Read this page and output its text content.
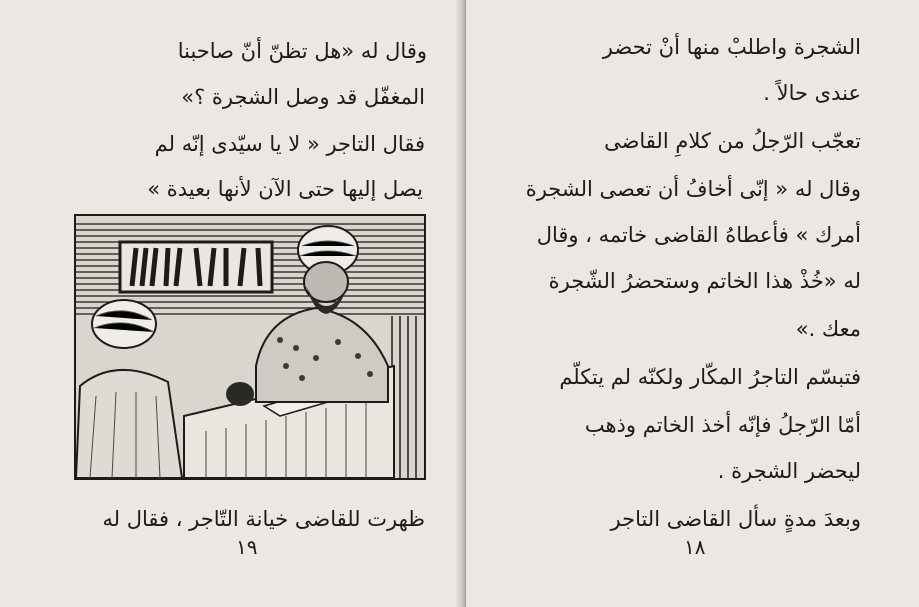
وقال له «هل تظنّ أنّ صاحبنا
المغفّل قد وصل الشجرة ؟»
فقال التاجر « لا يا سيّدى إنّه لم
يصل إليها حتى الآن لأنها بعيدة »
ظهرت للقاضى خيانة التّاجر ، فقال له
١٩
الشجرة واطلبْ منها أنْ تحضر
عندى حالاً .
تعجّب الرّجلُ من كلامِ القاضى
وقال له « إنّى أخافُ أن تعصى الشجرة
أمرك » فأعطاهُ القاضى خاتمه ، وقال
له «خُذْ هذا الخاتم وستحضرُ الشّجرة
معك .»
فتبسّم التاجرُ المكّار ولكنّه لم يتكلّم
أمّا الرّجلُ فإنّه أخذ الخاتم وذهب
ليحضر الشجرة .
وبعدَ مدةٍ سأل القاضى التاجر
١٨
